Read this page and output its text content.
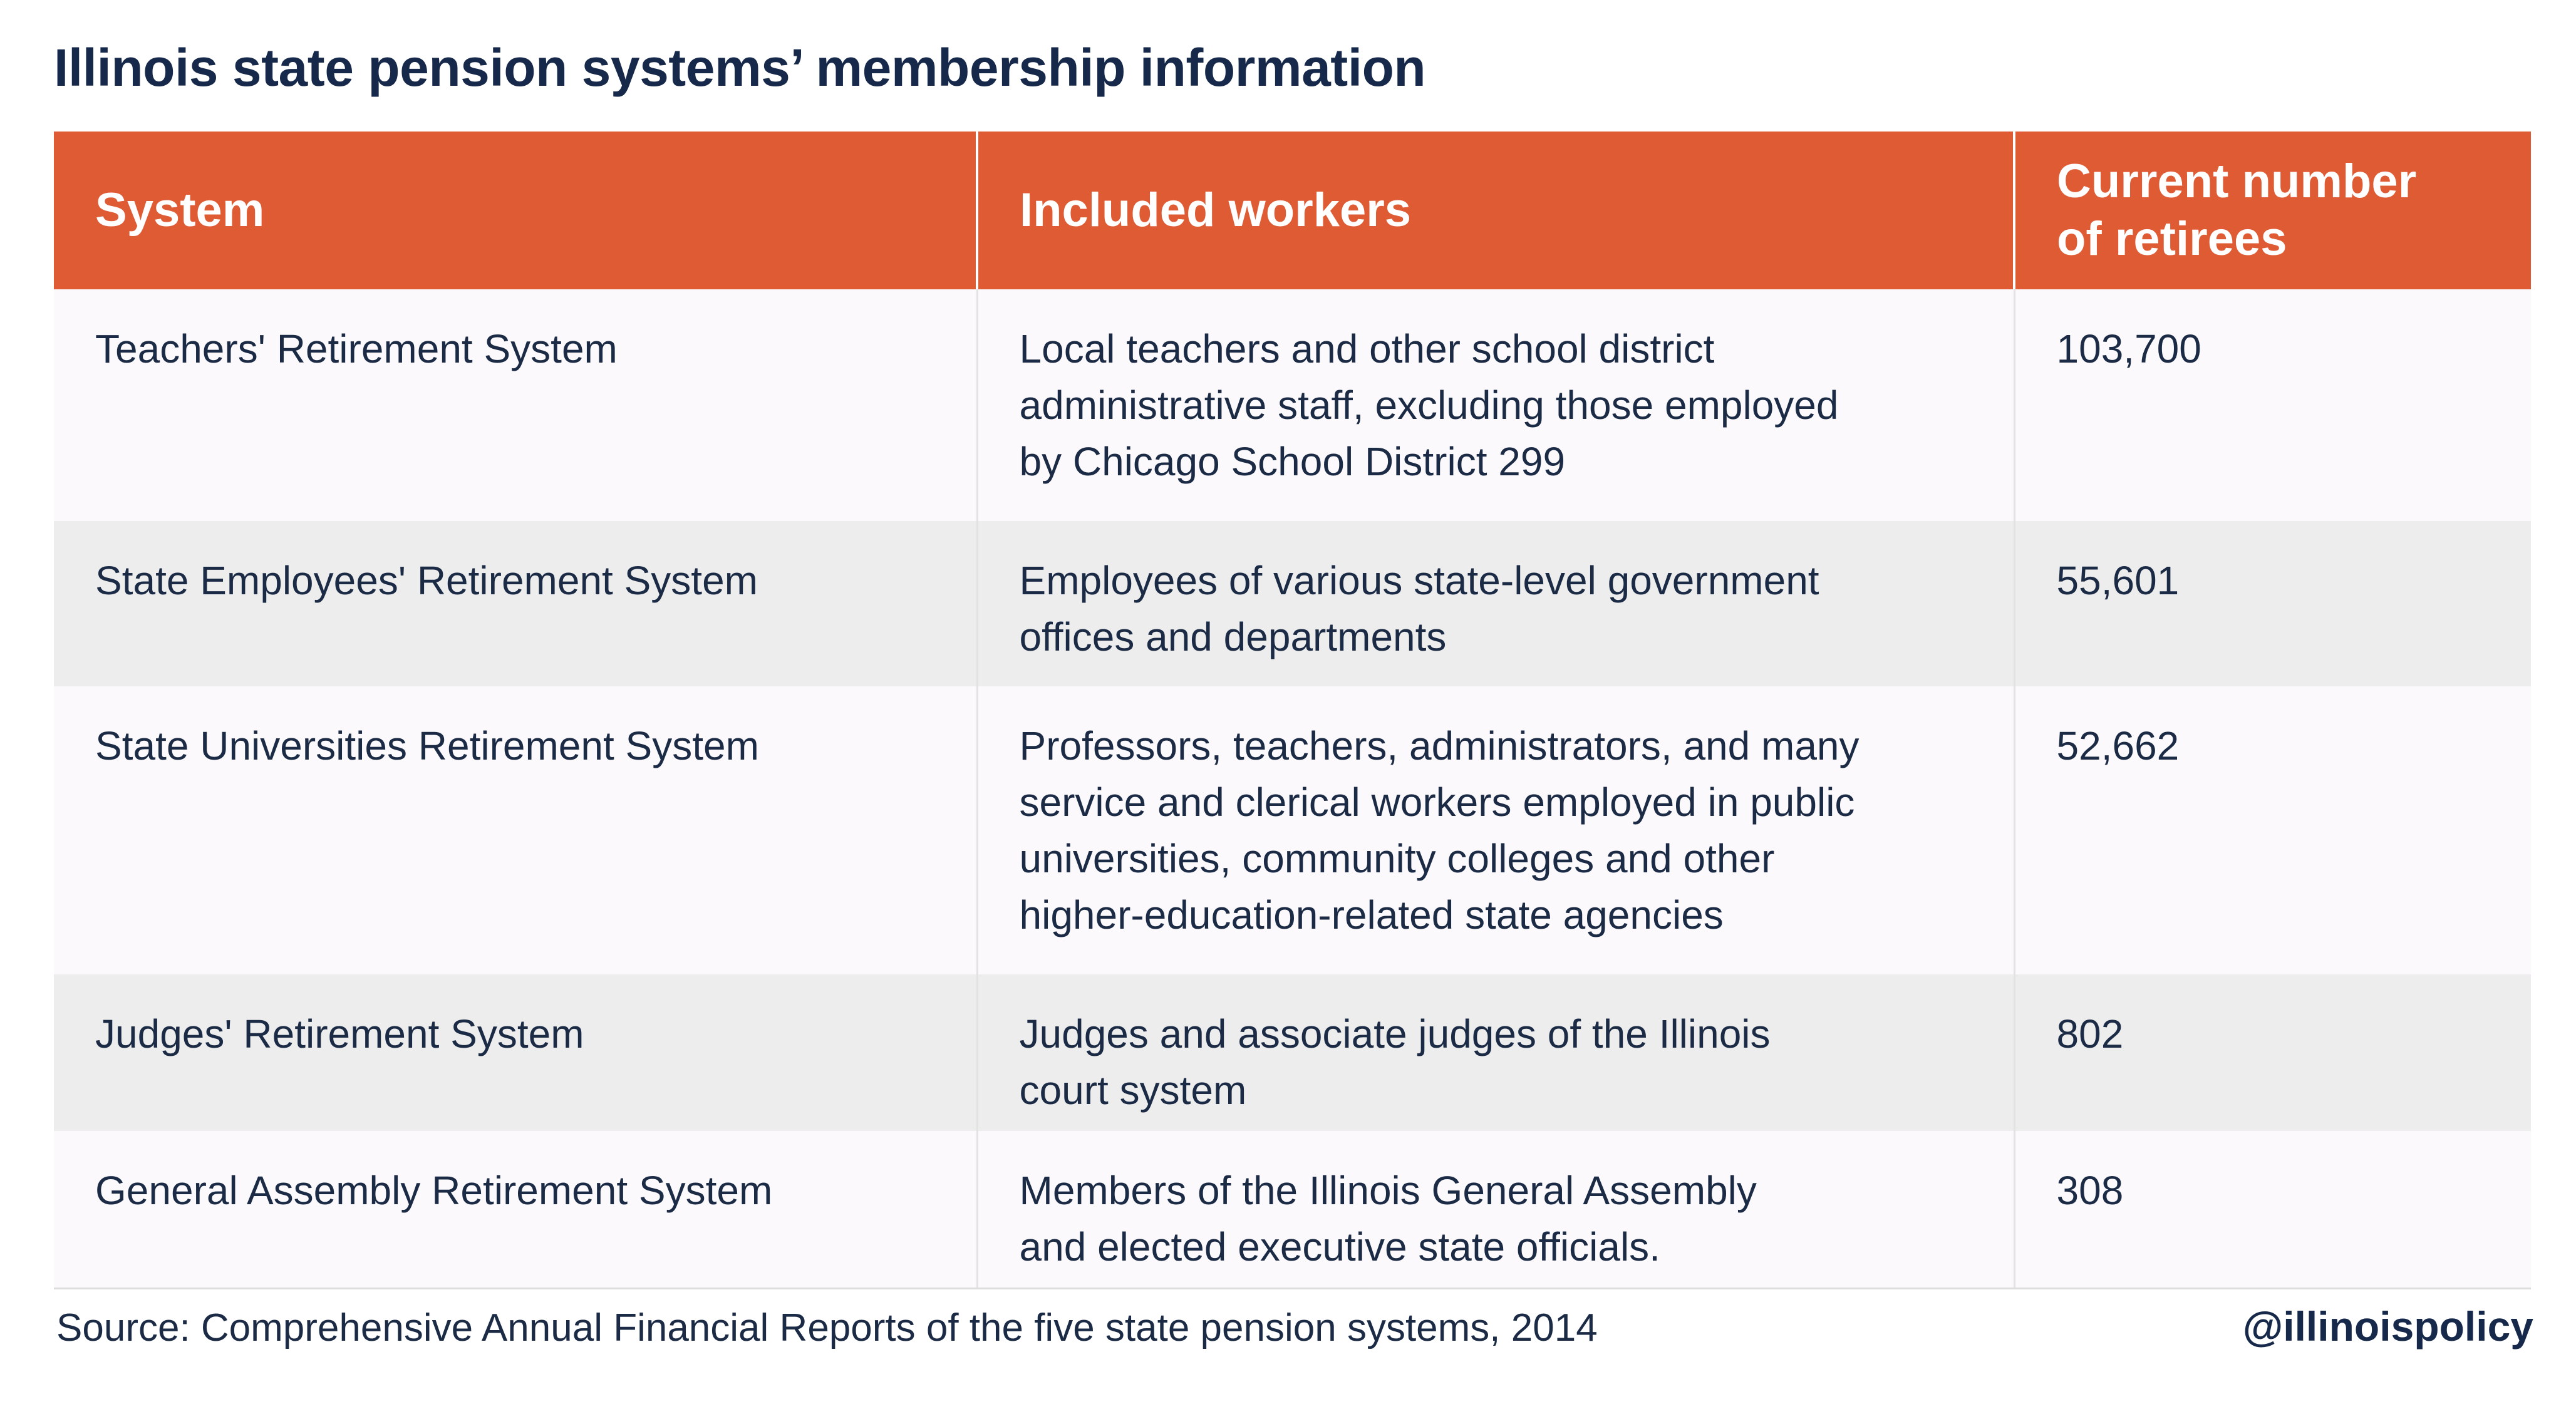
Illinois state pension systems’ membership information
System	Included workers	Current number
of retirees
Teachers' Retirement System	Local teachers and other school district
administrative staff, excluding those employed
by Chicago School District 299	103,700
State Employees' Retirement System	Employees of various state-level government
offices and departments	55,601
State Universities Retirement System	Professors, teachers, administrators, and many
service and clerical workers employed in public
universities, community colleges and other
higher-education-related state agencies	52,662
Judges' Retirement System	Judges and associate judges of the Illinois
court system	802
General Assembly Retirement System	Members of the Illinois General Assembly
and elected executive state officials.	308
Source: Comprehensive Annual Financial Reports of the five state pension systems, 2014	@illinoispolicy
